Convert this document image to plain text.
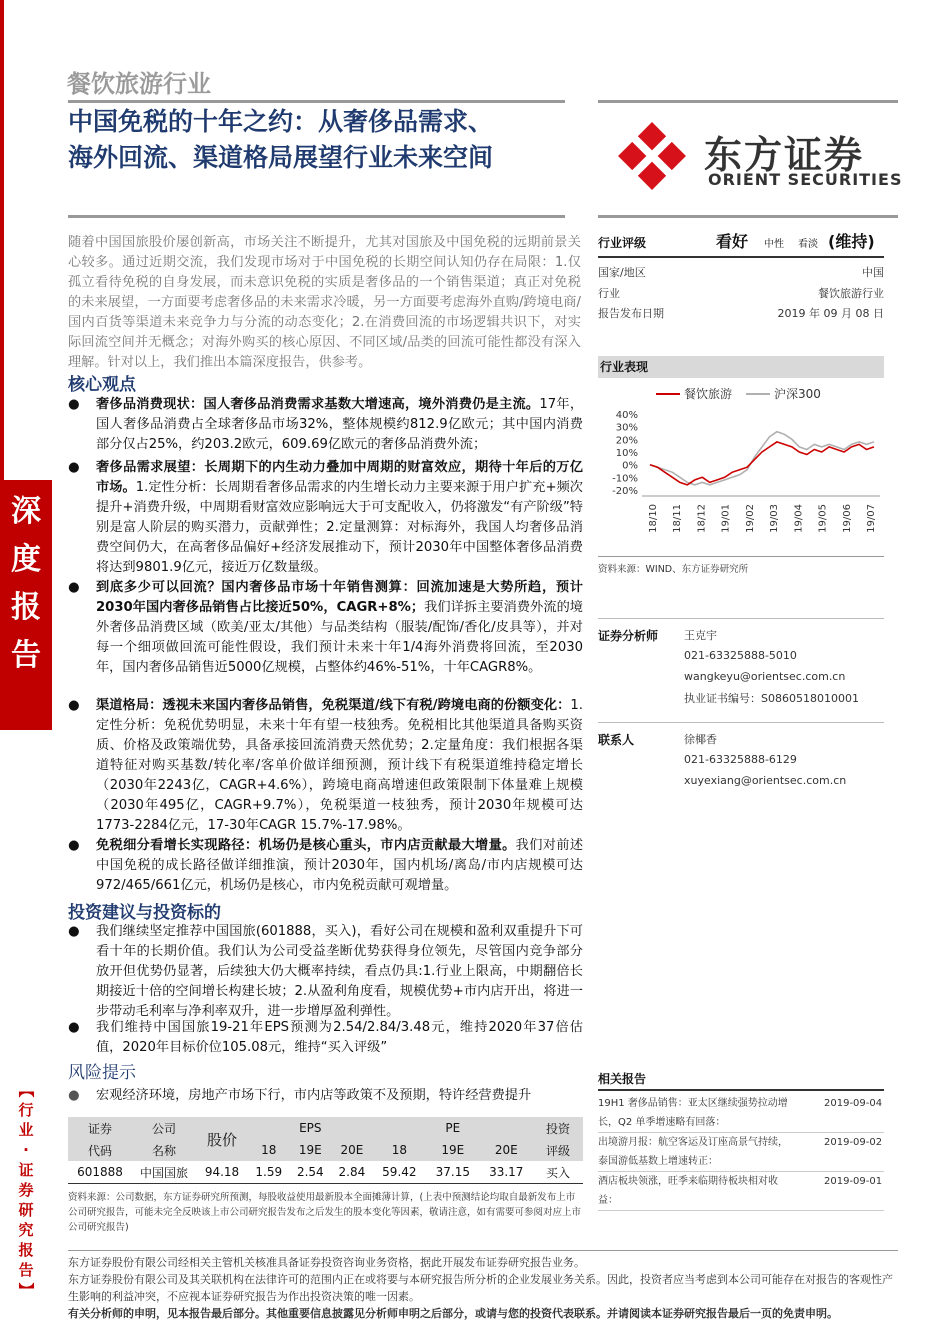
深
度
报
告
【
行
业
·
证
券
研
究
报
告
】
餐饮旅游行业
中国免税的十年之约：从奢侈品需求、
海外回流、渠道格局展望行业未来空间	东方证券
ORIENT SECURITIES
随着中国国旅股价屡创新高，市场关注不断提升，尤其对国旅及中国免税的远期前景关心较多。通过近期交流，我们发现市场对于中国免税的长期空间认知仍存在局限：1.仅孤立看待免税的自身发展，而未意识免税的实质是奢侈品的一个销售渠道；真正对免税的未来展望，一方面要考虑奢侈品的未来需求冷暖，另一方面要考虑海外直购/跨境电商/国内百货等渠道未来竞争力与分流的动态变化；2.在消费回流的市场逻辑共识下，对实际回流空间并无概念；对海外购买的核心原因、不同区域/品类的回流可能性都没有深入理解。针对以上，我们推出本篇深度报告，供参考。
核心观点
● 奢侈品消费现状：国人奢侈品消费需求基数大增速高，境外消费仍是主流。17年，国人奢侈品消费占全球奢侈品市场32%，整体规模约812.9亿欧元；其中国内消费部分仅占25%，约203.2欧元，609.69亿欧元的奢侈品消费外流；
● 奢侈品需求展望：长周期下的内生动力叠加中周期的财富效应，期待十年后的万亿市场。1.定性分析：长周期看奢侈品需求的内生增长动力主要来源于用户扩充+频次提升+消费升级，中周期看财富效应影响远大于可支配收入，仍将激发“有产阶级”特别是富人阶层的购买潜力，贡献弹性；2.定量测算：对标海外，我国人均奢侈品消费空间仍大，在高奢侈品偏好+经济发展推动下，预计2030年中国整体奢侈品消费将达到9801.9亿元，接近万亿数量级。
● 到底多少可以回流？国内奢侈品市场十年销售测算：回流加速是大势所趋，预计2030年国内奢侈品销售占比接近50%，CAGR+8%；我们详拆主要消费外流的境外奢侈品消费区域（欧美/亚太/其他）与品类结构（服装/配饰/香化/皮具等），并对每一个细项做回流可能性假设，我们预计未来十年1/4海外消费将回流，至2030年，国内奢侈品销售近5000亿规模，占整体约46%-51%，十年CAGR8%。
● 渠道格局：透视未来国内奢侈品销售，免税渠道/线下有税/跨境电商的份额变化：1.定性分析：免税优势明显，未来十年有望一枝独秀。免税相比其他渠道具备购买资质、价格及政策端优势，具备承接回流消费天然优势；2.定量角度：我们根据各渠道特征对购买基数/转化率/客单价做详细预测，预计线下有税渠道维持稳定增长（2030年2243亿，CAGR+4.6%），跨境电商高增速但政策限制下体量难上规模（2030年495亿，CAGR+9.7%），免税渠道一枝独秀，预计2030年规模可达1773-2284亿元，17-30年CAGR 15.7%-17.98%。
● 免税细分看增长实现路径：机场仍是核心重头，市内店贡献最大增量。我们对前述中国免税的成长路径做详细推演，预计2030年，国内机场/离岛/市内店规模可达972/465/661亿元，机场仍是核心，市内免税贡献可观增量。
投资建议与投资标的
● 我们继续坚定推荐中国国旅(601888，买入)，看好公司在规模和盈利双重提升下可看十年的长期价值。我们认为公司受益垄断优势获得身位领先，尽管国内竞争部分放开但优势仍显著，后续独大仍大概率持续，看点仍具:1.行业上限高，中期翻倍长期接近十倍的空间增长构建长坡；2.从盈利角度看，规模优势+市内店开出，将进一步带动毛利率与净利率双升，进一步增厚盈利弹性。
● 我们维持中国国旅19-21年EPS预测为2.54/2.84/3.48元，维持2020年37倍估值，2020年目标价位105.08元，维持“买入评级”
风险提示
● 宏观经济环境，房地产市场下行，市内店等政策不及预期，特许经营费提升
证券	公司	股价	EPS			PE			投资
代码	名称		18	19E	20E	18	19E	20E	评级
601888	中国国旅	94.18	1.59	2.54	2.84	59.42	37.15	33.17	买入
资料来源：公司数据，东方证券研究所预测，每股收益使用最新股本全面摊薄计算，(上表中预测结论均取自最新发布上市公司研究报告，可能未完全反映该上市公司研究报告发布之后发生的股本变化等因素，敬请注意，如有需要可参阅对应上市公司研究报告)
行业评级	看好 中性 看淡 (维持)
国家/地区	中国
行业	餐饮旅游行业
报告发布日期	2019 年 09 月 08 日
行业表现
餐饮旅游	沪深300
40%
30%
20%
10%
0%
-10%
-20%
18/10 18/11 18/12 19/01 19/02 19/03 19/04 19/05 19/06 19/07
资料来源：WIND、东方证券研究所
证券分析师 王克宇
021-63325888-5010
wangkeyu@orientsec.com.cn
执业证书编号：S0860518010001
联系人	徐椰香
021-63325888-6129
xuyexiang@orientsec.com.cn
相关报告
19H1 奢侈品销售：亚太区继续强势拉动增
长，Q2 单季增速略有回落：
2019-09-04
出境游月报：航空客运及订座高景气持续，
泰国游低基数上增速转正：
2019-09-02
酒店板块领涨，旺季来临期待板块相对收
益：
2019-09-01
东方证券股份有限公司经相关主管机关核准具备证券投资咨询业务资格，据此开展发布证券研究报告业务。
东方证券股份有限公司及其关联机构在法律许可的范围内正在或将要与本研究报告所分析的企业发展业务关系。因此，投资者应当考虑到本公司可能存在对报告的客观性产生影响的利益冲突，不应视本证券研究报告为作出投资决策的唯一因素。
有关分析师的申明，见本报告最后部分。其他重要信息披露见分析师申明之后部分，或请与您的投资代表联系。并请阅读本证券研究报告最后一页的免责申明。
